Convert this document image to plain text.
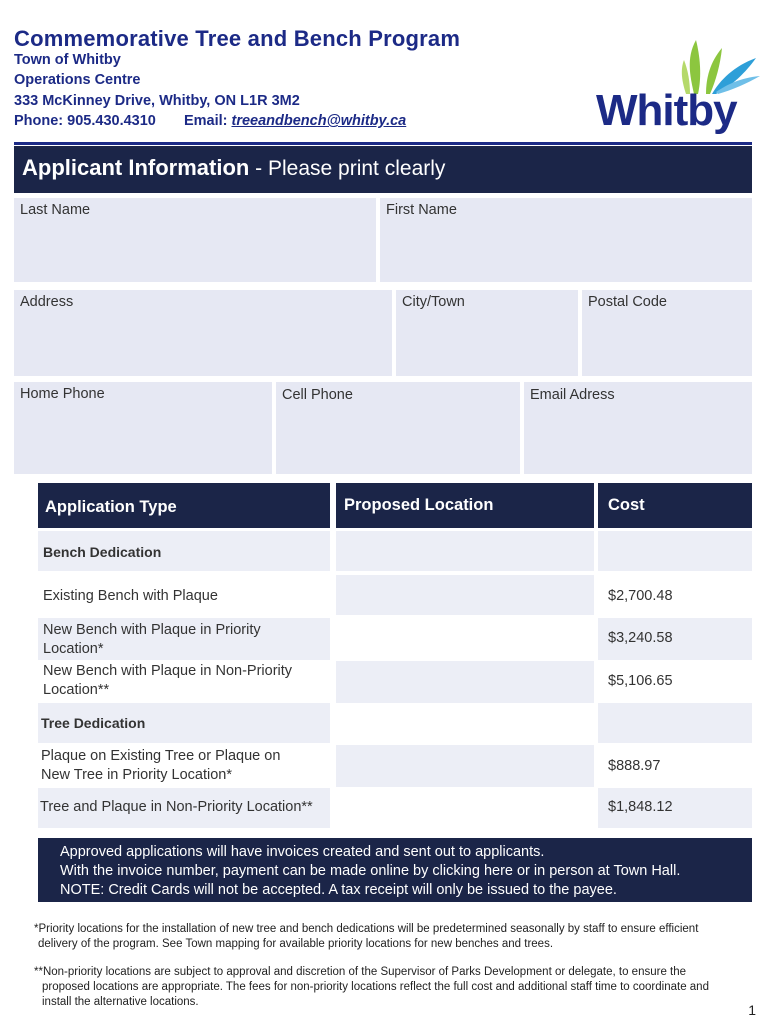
Commemorative Tree and Bench Program
Town of Whitby
Operations Centre
333 McKinney Drive, Whitby, ON L1R 3M2
Phone: 905.430.4310 Email: treeandbench@whitby.ca	Whitby
Applicant Information - Please print clearly
Last Name	First Name
Address	City/Town	Postal Code
Home Phone	Cell Phone	Email Adress
Application Type	Proposed Location	Cost
Bench Dedication
Existing Bench with Plaque	$2,700.48
New Bench with Plaque in Priority Location*
$3,240.58
New Bench with Plaque in Non-Priority Location**
$5,106.65
Tree Dedication
Plaque on Existing Tree or Plaque on New Tree in Priority Location*
$888.97
Tree and Plaque in Non-Priority Location**	$1,848.12
Approved applications will have invoices created and sent out to applicants.
With the invoice number, payment can be made online by clicking here or in person at Town Hall.
NOTE: Credit Cards will not be accepted. A tax receipt will only be issued to the payee.
*Priority locations for the installation of new tree and bench dedications will be predetermined seasonally by staff to ensure efficient delivery of the program. See Town mapping for available priority locations for new benches and trees.
**Non-priority locations are subject to approval and discretion of the Supervisor of Parks Development or delegate, to ensure the proposed locations are appropriate. The fees for non-priority locations reflect the full cost and additional staff time to coordinate and install the alternative locations.	1
